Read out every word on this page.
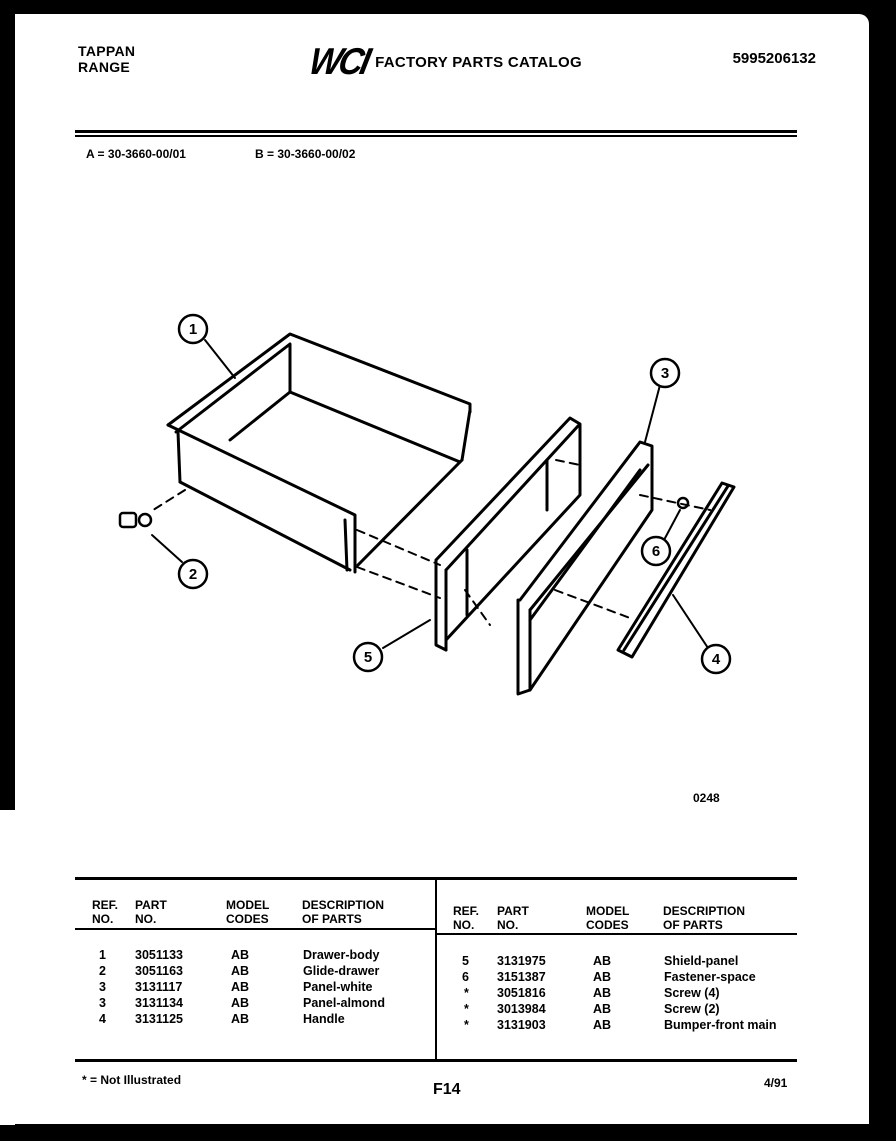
TAPPAN
RANGE	WCI FACTORY PARTS CATALOG	5995206132
A = 30-3660-00/01	B = 30-3660-00/02
1
2
3
4
5
6
0248
REF.
NO.
PART
NO.
MODEL
CODES
DESCRIPTION
OF PARTS
REF.
NO.
PART
NO.
MODEL
CODES
DESCRIPTION
OF PARTS
1 3051133	AB	Drawer-body
2 3051163	AB	Glide-drawer
3 3131117	AB	Panel-white
3 3131134	AB	Panel-almond
4 3131125	AB	Handle
5 3131975	AB	Shield-panel
6 3151387	AB	Fastener-space
* 3051816	AB	Screw (4)
* 3013984	AB	Screw (2)
* 3131903	AB	Bumper-front main
* = Not Illustrated
F14	4/91
